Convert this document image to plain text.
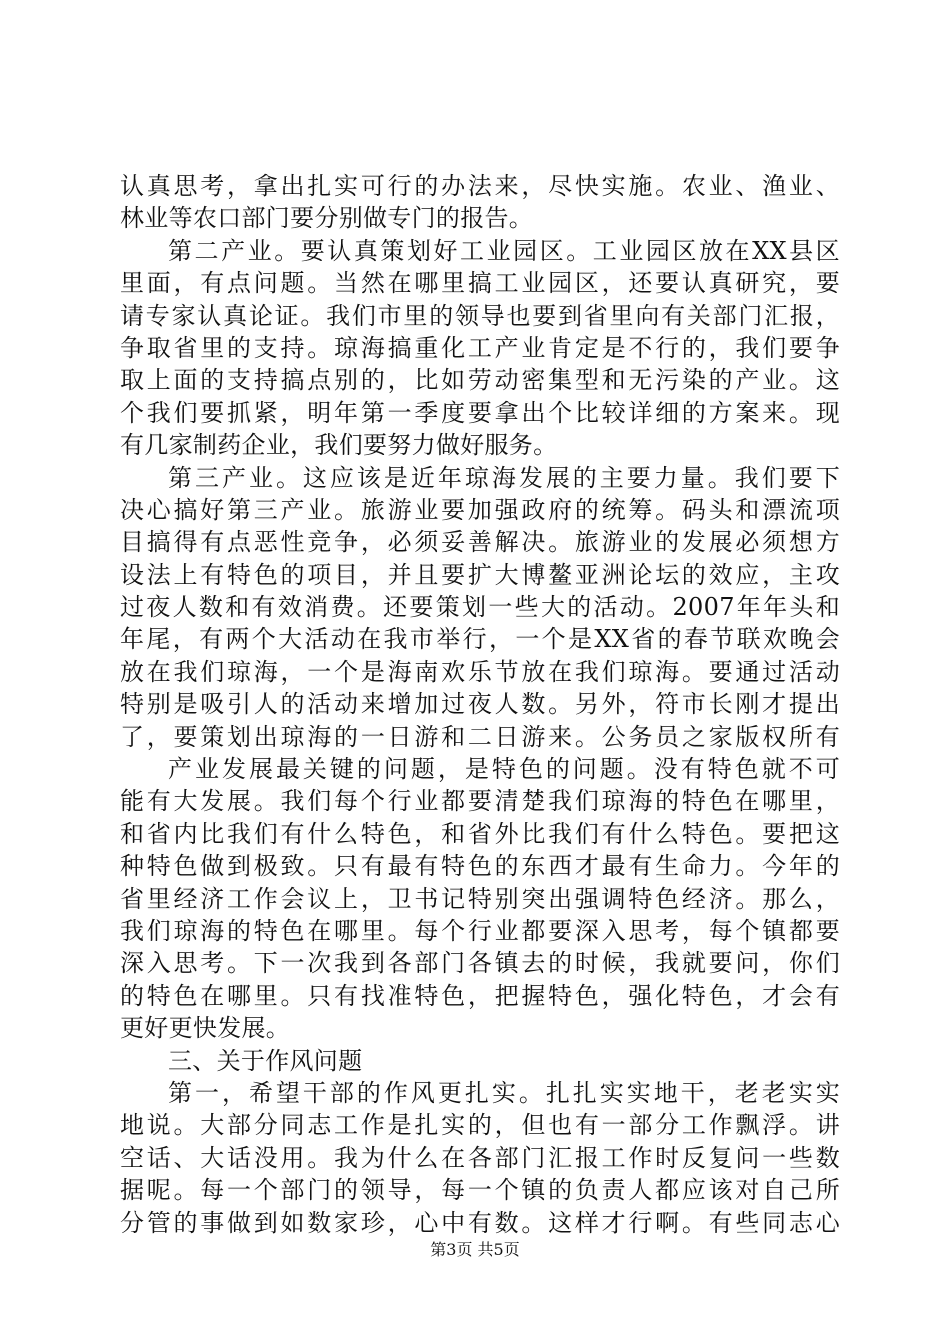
认真思考，拿出扎实可行的办法来，尽快实施。农业、渔业、
林业等农口部门要分别做专门的报告。
第二产业。要认真策划好工业园区。工业园区放在XX县区
里面，有点问题。当然在哪里搞工业园区，还要认真研究，要
请专家认真论证。我们市里的领导也要到省里向有关部门汇报，
争取省里的支持。琼海搞重化工产业肯定是不行的，我们要争
取上面的支持搞点别的，比如劳动密集型和无污染的产业。这
个我们要抓紧，明年第一季度要拿出个比较详细的方案来。现
有几家制药企业，我们要努力做好服务。
第三产业。这应该是近年琼海发展的主要力量。我们要下
决心搞好第三产业。旅游业要加强政府的统筹。码头和漂流项
目搞得有点恶性竞争，必须妥善解决。旅游业的发展必须想方
设法上有特色的项目，并且要扩大博鳌亚洲论坛的效应，主攻
过夜人数和有效消费。还要策划一些大的活动。2007年年头和
年尾，有两个大活动在我市举行，一个是XX省的春节联欢晚会
放在我们琼海，一个是海南欢乐节放在我们琼海。要通过活动
特别是吸引人的活动来增加过夜人数。另外，符市长刚才提出
了，要策划出琼海的一日游和二日游来。公务员之家版权所有
产业发展最关键的问题，是特色的问题。没有特色就不可
能有大发展。我们每个行业都要清楚我们琼海的特色在哪里，
和省内比我们有什么特色，和省外比我们有什么特色。要把这
种特色做到极致。只有最有特色的东西才最有生命力。今年的
省里经济工作会议上，卫书记特别突出强调特色经济。那么，
我们琼海的特色在哪里。每个行业都要深入思考，每个镇都要
深入思考。下一次我到各部门各镇去的时候，我就要问，你们
的特色在哪里。只有找准特色，把握特色，强化特色，才会有
更好更快发展。
三、关于作风问题
第一，希望干部的作风更扎实。扎扎实实地干，老老实实
地说。大部分同志工作是扎实的，但也有一部分工作飘浮。讲
空话、大话没用。我为什么在各部门汇报工作时反复问一些数
据呢。每一个部门的领导，每一个镇的负责人都应该对自己所
分管的事做到如数家珍，心中有数。这样才行啊。有些同志心
第3页 共5页
